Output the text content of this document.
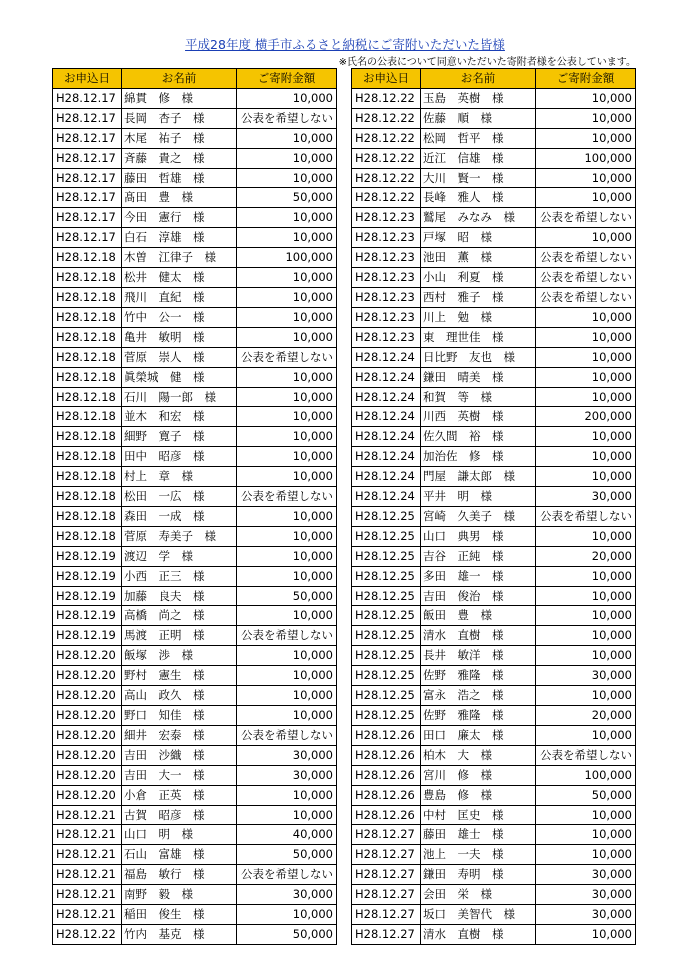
平成28年度 横手市ふるさと納税にご寄附いただいた皆様
※氏名の公表について同意いただいた寄附者様を公表しています。
お申込日	お名前	ご寄附金額
H28.12.17	綿貫　修　様	10,000
H28.12.17	長岡　杏子　様	公表を希望しない
H28.12.17	木尾　祐子　様	10,000
H28.12.17	斉藤　貴之　様	10,000
H28.12.17	藤田　哲雄　様	10,000
H28.12.17	髙田　豊　様	50,000
H28.12.17	今田　憲行　様	10,000
H28.12.17	白石　淳雄　様	10,000
H28.12.18	木曽　江律子　様	100,000
H28.12.18	松井　健太　様	10,000
H28.12.18	飛川　直紀　様	10,000
H28.12.18	竹中　公一　様	10,000
H28.12.18	亀井　敏明　様	10,000
H28.12.18	菅原　崇人　様	公表を希望しない
H28.12.18	眞榮城　健　様	10,000
H28.12.18	石川　陽一郎　様	10,000
H28.12.18	並木　和宏　様	10,000
H28.12.18	細野　寛子　様	10,000
H28.12.18	田中　昭彦　様	10,000
H28.12.18	村上　章　様	10,000
H28.12.18	松田　一広　様	公表を希望しない
H28.12.18	森田　一成　様	10,000
H28.12.18	菅原　寿美子　様	10,000
H28.12.19	渡辺　学　様	10,000
H28.12.19	小西　正三　様	10,000
H28.12.19	加藤　良夫　様	50,000
H28.12.19	高橋　尚之　様	10,000
H28.12.19	馬渡　正明　様	公表を希望しない
H28.12.20	飯塚　渉　様	10,000
H28.12.20	野村　憲生　様	10,000
H28.12.20	高山　政久　様	10,000
H28.12.20	野口　知佳　様	10,000
H28.12.20	細井　宏泰　様	公表を希望しない
H28.12.20	吉田　沙織　様	30,000
H28.12.20	吉田　大一　様	30,000
H28.12.20	小倉　正英　様	10,000
H28.12.21	古賀　昭彦　様	10,000
H28.12.21	山口　明　様	40,000
H28.12.21	石山　富雄　様	50,000
H28.12.21	福島　敏行　様	公表を希望しない
H28.12.21	南野　毅　様	30,000
H28.12.21	稲田　俊生　様	10,000
H28.12.22	竹内　基克　様	50,000
お申込日	お名前	ご寄附金額
H28.12.22	玉島　英樹　様	10,000
H28.12.22	佐藤　順　様	10,000
H28.12.22	松岡　哲平　様	10,000
H28.12.22	近江　信雄　様	100,000
H28.12.22	大川　賢一　様	10,000
H28.12.22	長峰　雅人　様	10,000
H28.12.23	鷲尾　みなみ　様	公表を希望しない
H28.12.23	戸塚　昭　様	10,000
H28.12.23	池田　薫　様	公表を希望しない
H28.12.23	小山　利夏　様	公表を希望しない
H28.12.23	西村　雅子　様	公表を希望しない
H28.12.23	川上　勉　様	10,000
H28.12.23	東　理世佳　様	10,000
H28.12.24	日比野　友也　様	10,000
H28.12.24	鎌田　晴美　様	10,000
H28.12.24	和賀　等　様	10,000
H28.12.24	川西　英樹　様	200,000
H28.12.24	佐久間　裕　様	10,000
H28.12.24	加治佐　修　様	10,000
H28.12.24	門屋　謙太郎　様	10,000
H28.12.24	平井　明　様	30,000
H28.12.25	宮崎　久美子　様	公表を希望しない
H28.12.25	山口　典男　様	10,000
H28.12.25	吉谷　正純　様	20,000
H28.12.25	多田　雄一　様	10,000
H28.12.25	吉田　俊治　様	10,000
H28.12.25	飯田　豊　様	10,000
H28.12.25	清水　直樹　様	10,000
H28.12.25	長井　敏洋　様	10,000
H28.12.25	佐野　雅隆　様	30,000
H28.12.25	富永　浩之　様	10,000
H28.12.25	佐野　雅隆　様	20,000
H28.12.26	田口　廉太　様	10,000
H28.12.26	柏木　大　様	公表を希望しない
H28.12.26	宮川　修　様	100,000
H28.12.26	豊島　修　様	50,000
H28.12.26	中村　匡史　様	10,000
H28.12.27	藤田　雄士　様	10,000
H28.12.27	池上　一夫　様	10,000
H28.12.27	鎌田　寿明　様	30,000
H28.12.27	会田　栄　様	30,000
H28.12.27	坂口　美智代　様	30,000
H28.12.27	清水　直樹　様	10,000
